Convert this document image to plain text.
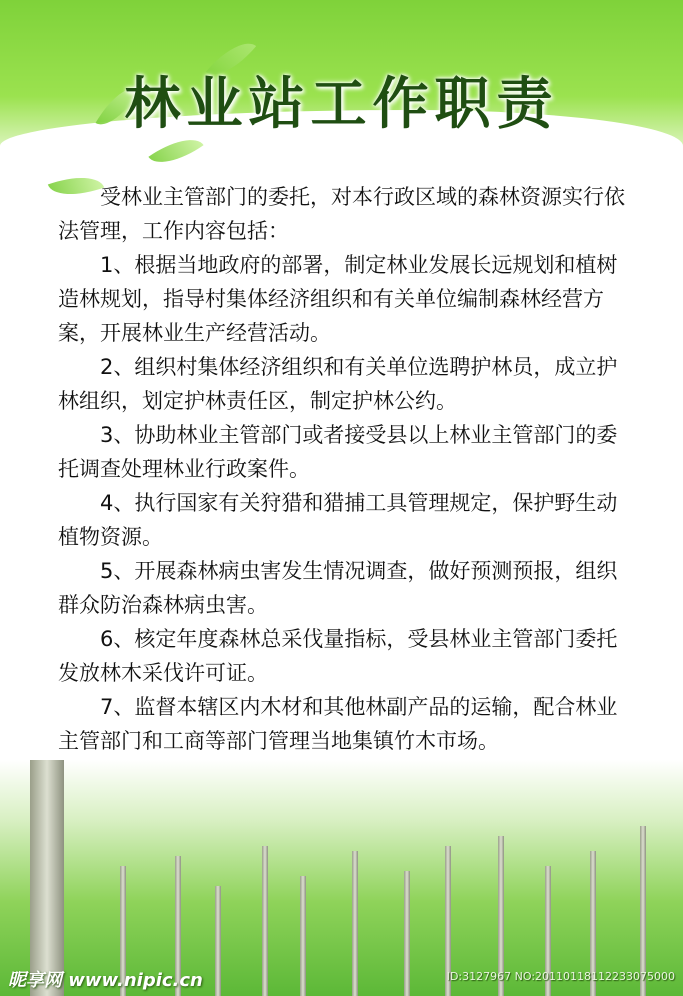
林业站工作职责

受林业主管部门的委托，对本行政区域的森林资源实行依法管理，工作内容包括：

1、根据当地政府的部署，制定林业发展长远规划和植树造林规划，指导村集体经济组织和有关单位编制森林经营方案，开展林业生产经营活动。

2、组织村集体经济组织和有关单位选聘护林员，成立护林组织，划定护林责任区，制定护林公约。

3、协助林业主管部门或者接受县以上林业主管部门的委托调查处理林业行政案件。

4、执行国家有关狩猎和猎捕工具管理规定，保护野生动植物资源。

5、开展森林病虫害发生情况调查，做好预测预报，组织群众防治森林病虫害。

6、核定年度森林总采伐量指标，受县林业主管部门委托发放林木采伐许可证。

7、监督本辖区内木材和其他林副产品的运输，配合林业主管部门和工商等部门管理当地集镇竹木市场。

昵享网 www.nipic.cn	ID:3127967 NO:20110118112233075000
